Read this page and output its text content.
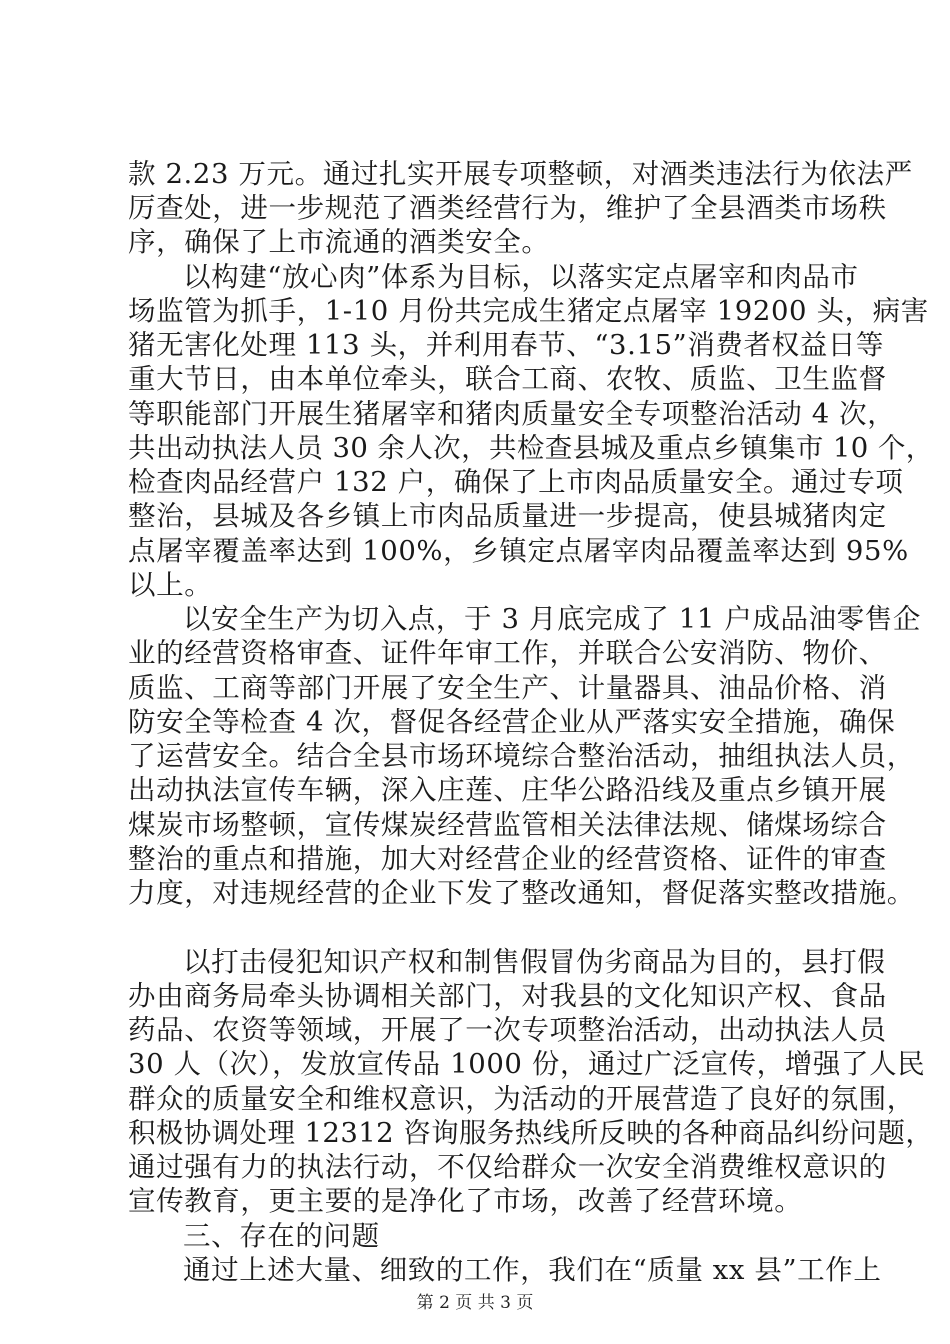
款 2.23 万元。通过扎实开展专项整顿，对酒类违法行为依法严
厉查处，进一步规范了酒类经营行为，维护了全县酒类市场秩
序，确保了上市流通的酒类安全。
以构建“放心肉”体系为目标，以落实定点屠宰和肉品市
场监管为抓手，1-10 月份共完成生猪定点屠宰 19200 头，病害
猪无害化处理 113 头，并利用春节、“3.15”消费者权益日等
重大节日，由本单位牵头，联合工商、农牧、质监、卫生监督
等职能部门开展生猪屠宰和猪肉质量安全专项整治活动 4 次，
共出动执法人员 30 余人次，共检查县城及重点乡镇集市 10 个，
检查肉品经营户 132 户，确保了上市肉品质量安全。通过专项
整治，县城及各乡镇上市肉品质量进一步提高，使县城猪肉定
点屠宰覆盖率达到 100%，乡镇定点屠宰肉品覆盖率达到 95%
以上。
以安全生产为切入点，于 3 月底完成了 11 户成品油零售企
业的经营资格审查、证件年审工作，并联合公安消防、物价、
质监、工商等部门开展了安全生产、计量器具、油品价格、消
防安全等检查 4 次，督促各经营企业从严落实安全措施，确保
了运营安全。结合全县市场环境综合整治活动，抽组执法人员，
出动执法宣传车辆，深入庄莲、庄华公路沿线及重点乡镇开展
煤炭市场整顿，宣传煤炭经营监管相关法律法规、储煤场综合
整治的重点和措施，加大对经营企业的经营资格、证件的审查
力度，对违规经营的企业下发了整改通知，督促落实整改措施。
以打击侵犯知识产权和制售假冒伪劣商品为目的，县打假
办由商务局牵头协调相关部门，对我县的文化知识产权、食品
药品、农资等领域，开展了一次专项整治活动，出动执法人员
30 人（次），发放宣传品 1000 份，通过广泛宣传，增强了人民
群众的质量安全和维权意识，为活动的开展营造了良好的氛围，
积极协调处理 12312 咨询服务热线所反映的各种商品纠纷问题，
通过强有力的执法行动，不仅给群众一次安全消费维权意识的
宣传教育，更主要的是净化了市场，改善了经营环境。
三、存在的问题
通过上述大量、细致的工作，我们在“质量 xx 县”工作上
第 2 页 共 3 页
